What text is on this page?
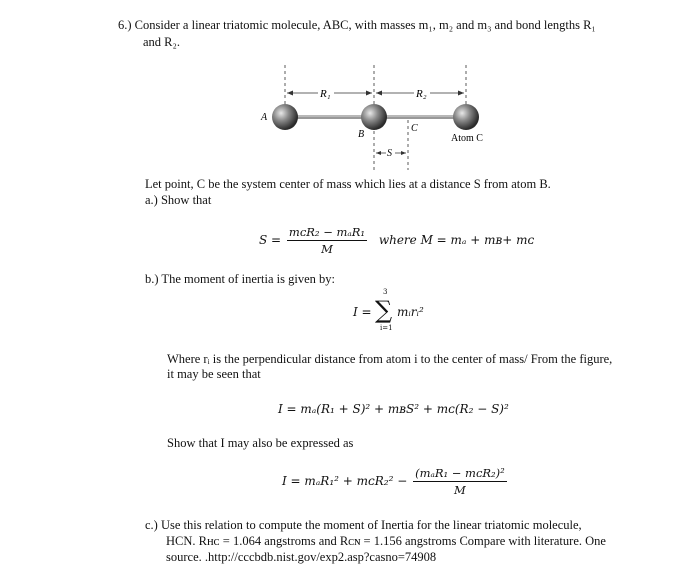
6.) Consider a linear triatomic molecule, ABC, with masses m₁, m₂ and m₃ and bond lengths R₁
and R₂.
R₁	R₂
A
B
C
Atom C
S
Let point, C be the system center of mass which lies at a distance S from atom B.
a.) Show that
$S = \frac{\text{mᴄR₂ − mₐR₁}}{M}$ where M = mₐ + mʙ+ mᴄ
b.) The moment of inertia is given by:
I = ∑
3
i=1
mᵢrᵢ²
Where rᵢ is the perpendicular distance from atom i to the center of mass/ From the figure,
it may be seen that
I = mₐ(R₁ + S)² + mʙS² + mᴄ(R₂ − S)²
Show that I may also be expressed as
I = mₐR₁² + mᴄR₂² − $\frac{\text{(mₐR₁ − mᴄR₂)²}}{M}$
c.) Use this relation to compute the moment of Inertia for the linear triatomic molecule,
HCN. Rʜᴄ = 1.064 angstroms and Rᴄɴ = 1.156 angstroms Compare with literature. One
source. .http://cccbdb.nist.gov/exp2.asp?casno=74908
